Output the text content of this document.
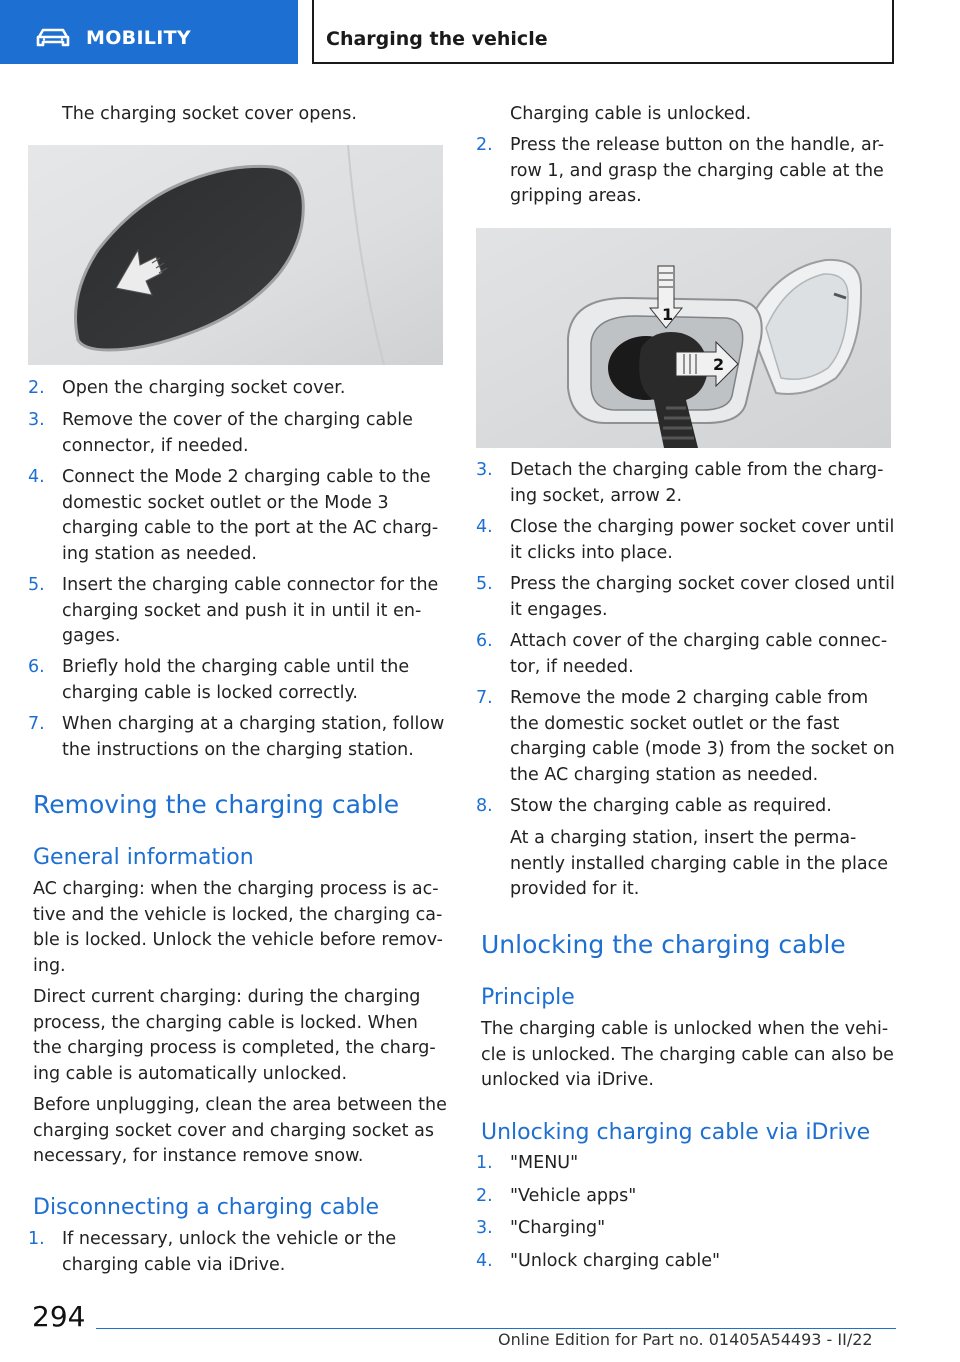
MOBILITY	Charging the vehicle
The charging socket cover opens.
2. Open the charging socket cover.
3. Remove the cover of the charging cable
connector, if needed.
4. Connect the Mode 2 charging cable to the
domestic socket outlet or the Mode 3
charging cable to the port at the AC charg-
ing station as needed.
5. Insert the charging cable connector for the
charging socket and push it in until it en-
gages.
6. Briefly hold the charging cable until the
charging cable is locked correctly.
7. When charging at a charging station, follow
the instructions on the charging station.
Removing the charging cable
General information
AC charging: when the charging process is ac-
tive and the vehicle is locked, the charging ca-
ble is locked. Unlock the vehicle before remov-
ing.
Direct current charging: during the charging
process, the charging cable is locked. When
the charging process is completed, the charg-
ing cable is automatically unlocked.
Before unplugging, clean the area between the
charging socket cover and charging socket as
necessary, for instance remove snow.
Disconnecting a charging cable
1. If necessary, unlock the vehicle or the
charging cable via iDrive.
Charging cable is unlocked.
2. Press the release button on the handle, ar-
row 1, and grasp the charging cable at the
gripping areas.
1
2
3. Detach the charging cable from the charg-
ing socket, arrow 2.
4. Close the charging power socket cover until
it clicks into place.
5. Press the charging socket cover closed until
it engages.
6. Attach cover of the charging cable connec-
tor, if needed.
7. Remove the mode 2 charging cable from
the domestic socket outlet or the fast
charging cable (mode 3) from the socket on
the AC charging station as needed.
8. Stow the charging cable as required.
At a charging station, insert the perma-
nently installed charging cable in the place
provided for it.
Unlocking the charging cable
Principle
The charging cable is unlocked when the vehi-
cle is unlocked. The charging cable can also be
unlocked via iDrive.
Unlocking charging cable via iDrive
1. "MENU"
2. "Vehicle apps"
3. "Charging"
4. "Unlock charging cable"
294
Online Edition for Part no. 01405A54493 - II/22
